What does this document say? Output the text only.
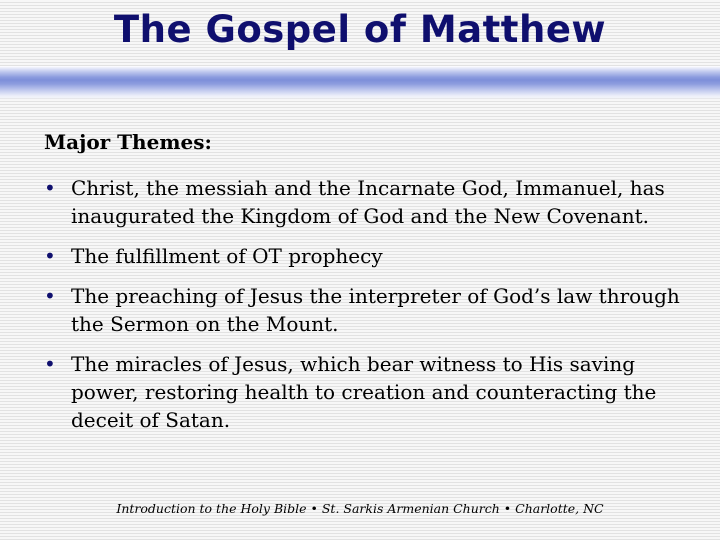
The Gospel of Matthew
Major Themes:
• Christ, the messiah and the Incarnate God, Immanuel, has inaugurated the Kingdom of God and the New Covenant.
• The fulfillment of OT prophecy
• The preaching of Jesus the interpreter of God’s law through the Sermon on the Mount.
• The miracles of Jesus, which bear witness to His saving power, restoring health to creation and counteracting the deceit of Satan.
Introduction to the Holy Bible • St. Sarkis Armenian Church • Charlotte, NC
